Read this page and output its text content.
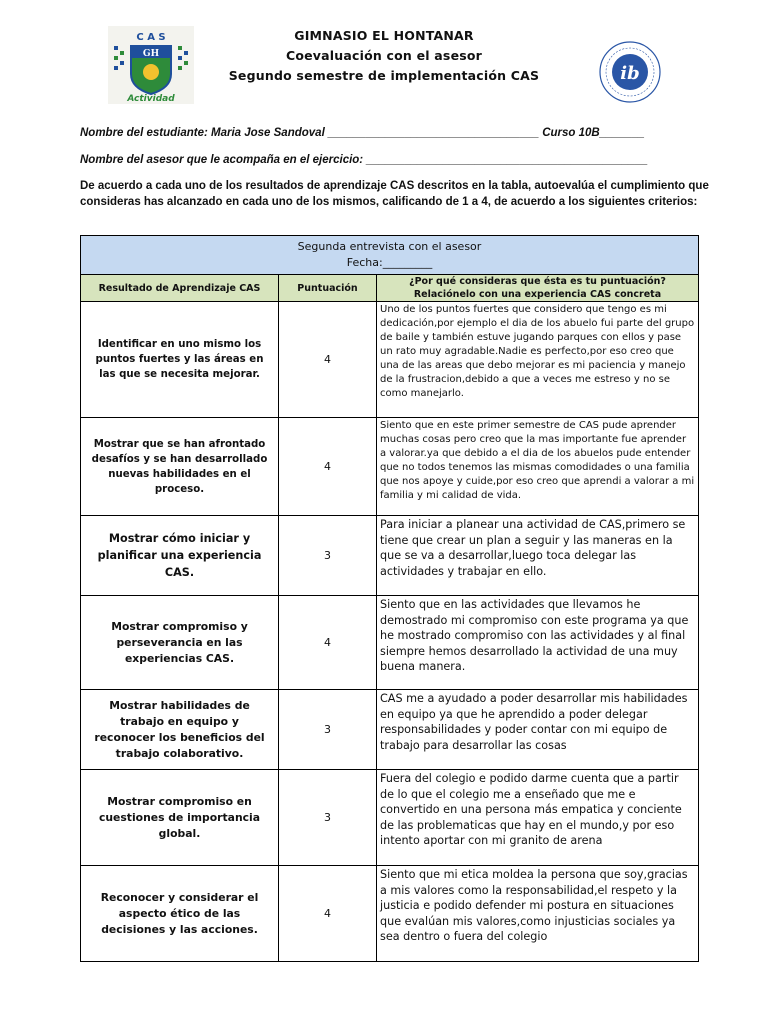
GIMNASIO EL HONTANAR
Coevaluación con el asesor
Segundo semestre de implementación CAS
C A S
GH
Actividad
ib
Nombre del estudiante: Maria Jose Sandoval _________________________________ Curso 10B_______
Nombre del asesor que le acompaña en el ejercicio: ____________________________________________
De acuerdo a cada uno de los resultados de aprendizaje CAS descritos en la tabla, autoevalúa el cumplimiento que consideras has alcanzado en cada uno de los mismos, calificando de 1 a 4, de acuerdo a los siguientes criterios:
Segunda entrevista con el asesor
Fecha:_________		

Resultado de Aprendizaje CAS	Puntuación	¿Por qué consideras que ésta es tu puntuación? Relaciónelo con una experiencia CAS concreta
Identificar en uno mismo los puntos fuertes y las áreas en las que se necesita mejorar.	4	Uno de los puntos fuertes que considero que tengo es mi dedicación,por ejemplo el dia de los abuelo fui parte del grupo de baile y también estuve jugando parques con ellos y pase un rato muy agradable.Nadie es perfecto,por eso creo que una de las areas que debo mejorar es mi paciencia y manejo de la frustracion,debido a que a veces me estreso y no se como manejarlo.
Mostrar que se han afrontado desafíos y se han desarrollado nuevas habilidades en el proceso.	4	Siento que en este primer semestre de CAS pude aprender muchas cosas pero creo que la mas importante fue aprender a valorar.ya que debido a el dia de los abuelos pude entender que no todos tenemos las mismas comodidades o una familia que nos apoye y cuide,por eso creo que aprendi a valorar a mi familia y mi calidad de vida.
Mostrar cómo iniciar y planificar una experiencia CAS.	3	Para iniciar a planear una actividad de CAS,primero se tiene que crear un plan a seguir y las maneras en la que se va a desarrollar,luego toca delegar las actividades y trabajar en ello.
Mostrar compromiso y perseverancia en las experiencias CAS.	4	Siento que en las actividades que llevamos he demostrado mi compromiso con este programa ya que he mostrado compromiso con las actividades y al final siempre hemos desarrollado la actividad de una muy buena manera.
Mostrar habilidades de trabajo en equipo y reconocer los beneficios del trabajo colaborativo.	3	CAS me a ayudado a poder desarrollar mis habilidades en equipo ya que he aprendido a poder delegar responsabilidades y poder contar con mi equipo de trabajo para desarrollar las cosas
Mostrar compromiso en cuestiones de importancia global.	3	Fuera del colegio e podido darme cuenta que a partir de lo que el colegio me a enseñado que me e convertido en una persona más empatica y conciente de las problematicas que hay en el mundo,y por eso intento aportar con mi granito de arena
Reconocer y considerar el aspecto ético de las decisiones y las acciones.	4	Siento que mi etica moldea la persona que soy,gracias a mis valores como la responsabilidad,el respeto y la justicia e podido defender mi postura en situaciones que evalúan mis valores,como injusticias sociales ya sea dentro o fuera del colegio
